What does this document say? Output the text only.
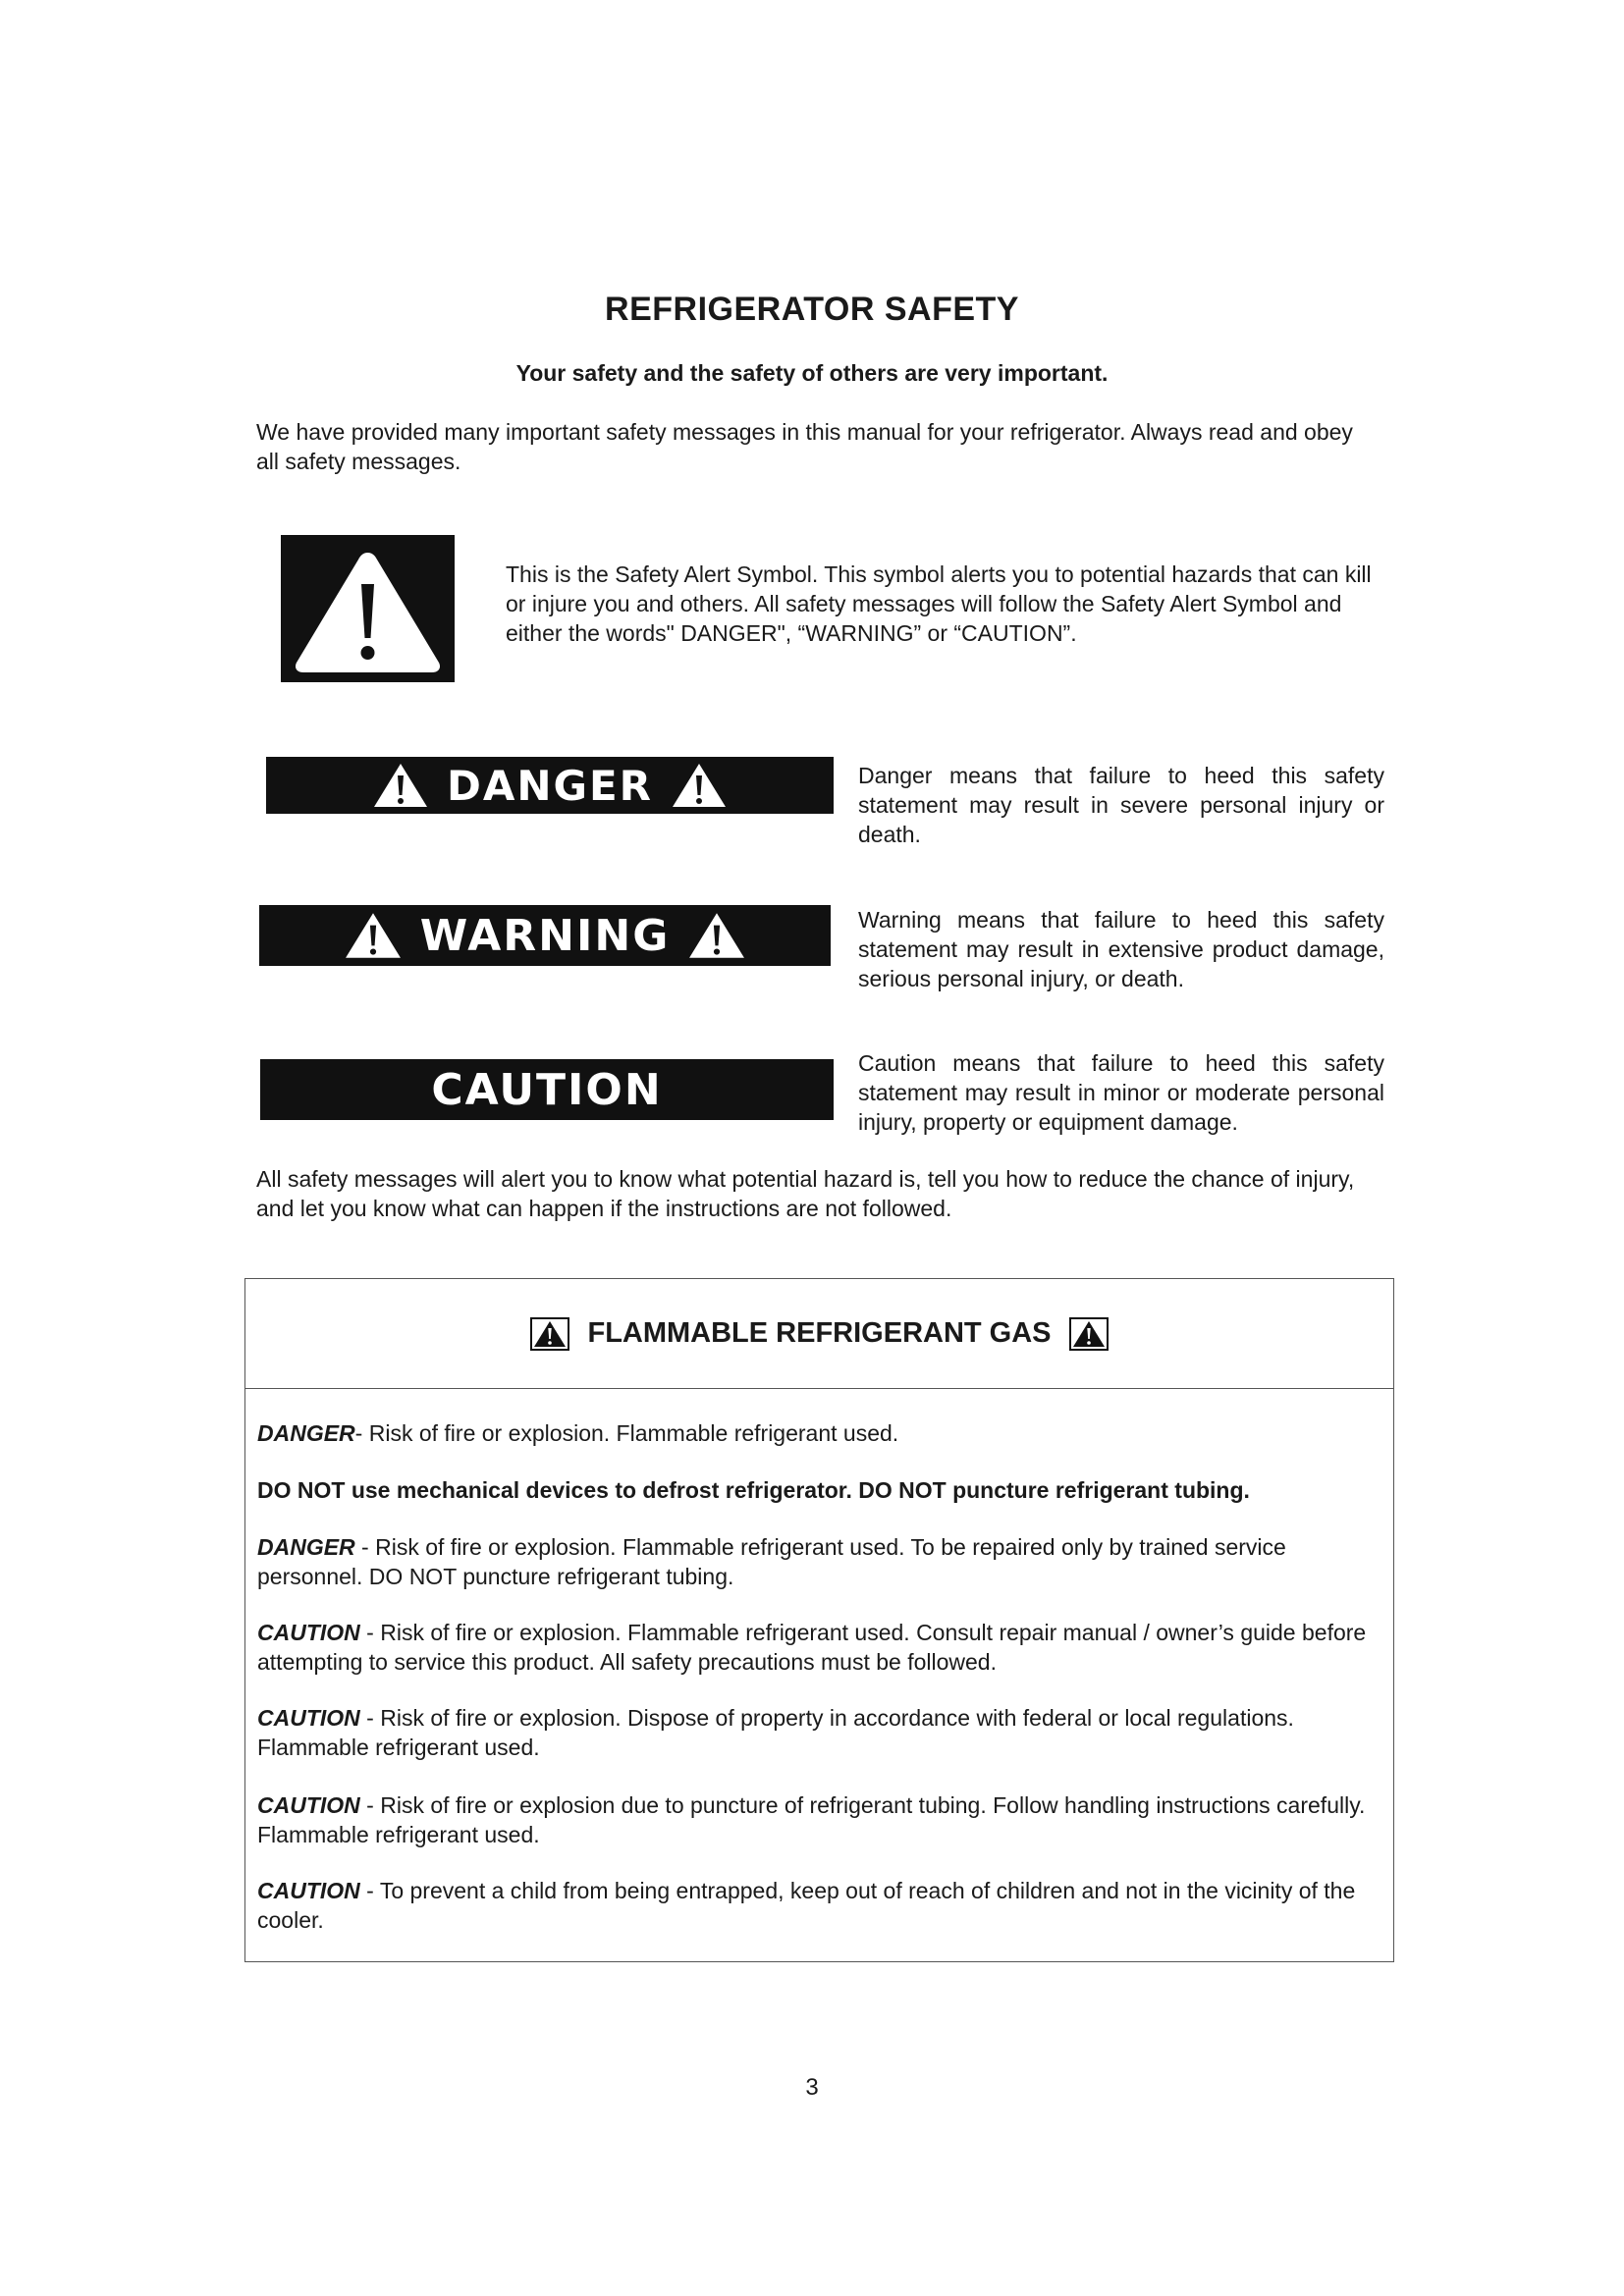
REFRIGERATOR SAFETY
Your safety and the safety of others are very important.
We have provided many important safety messages in this manual for your refrigerator. Always read and obey all safety messages.
This is the Safety Alert Symbol. This symbol alerts you to potential hazards that can kill or injure you and others. All safety messages will follow the Safety Alert Symbol and either the words" DANGER", “WARNING” or “CAUTION”.
DANGER	Danger means that failure to heed this safety statement may result in severe personal injury or death.
WARNING	Warning means that failure to heed this safety statement may result in extensive product damage, serious personal injury, or death.
CAUTION
Caution means that failure to heed this safety statement may result in minor or moderate personal injury, property or equipment damage.
All safety messages will alert you to know what potential hazard is, tell you how to reduce the chance of injury, and let you know what can happen if the instructions are not followed.
FLAMMABLE REFRIGERANT GAS
DANGER- Risk of fire or explosion. Flammable refrigerant used.
DO NOT use mechanical devices to defrost refrigerator. DO NOT puncture refrigerant tubing.
DANGER - Risk of fire or explosion. Flammable refrigerant used. To be repaired only by trained service personnel. DO NOT puncture refrigerant tubing.
CAUTION - Risk of fire or explosion. Flammable refrigerant used. Consult repair manual / owner’s guide before attempting to service this product. All safety precautions must be followed.
CAUTION - Risk of fire or explosion. Dispose of property in accordance with federal or local regulations. Flammable refrigerant used.
CAUTION - Risk of fire or explosion due to puncture of refrigerant tubing. Follow handling instructions carefully. Flammable refrigerant used.
CAUTION - To prevent a child from being entrapped, keep out of reach of children and not in the vicinity of the cooler.
3
